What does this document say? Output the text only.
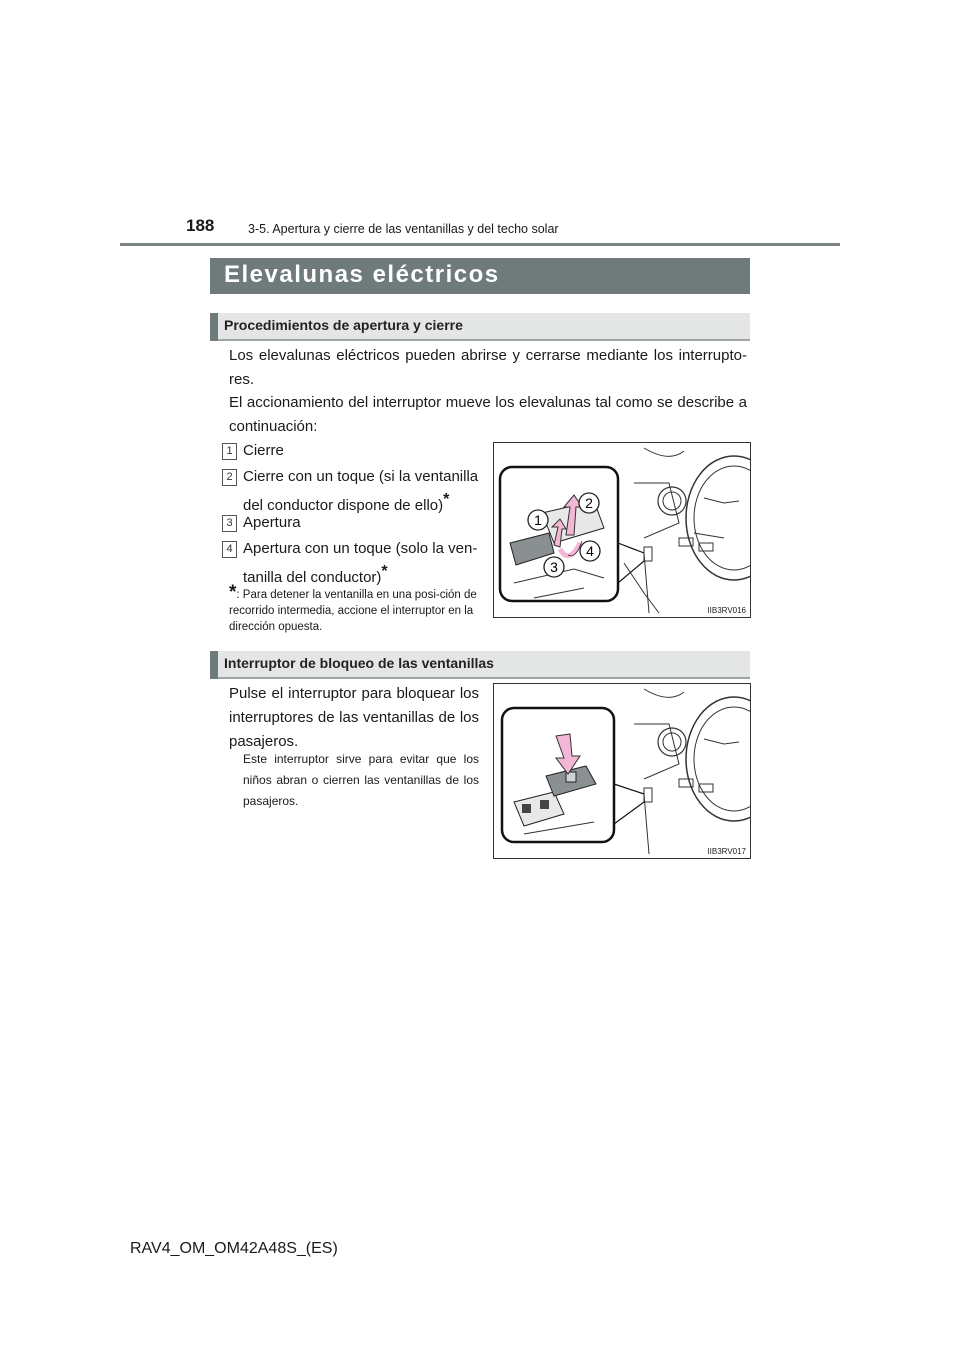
188	3-5. Apertura y cierre de las ventanillas y del techo solar
Elevalunas eléctricos
Procedimientos de apertura y cierre
Los elevalunas eléctricos pueden abrirse y cerrarse mediante los interrupto-res.
El accionamiento del interruptor mueve los elevalunas tal como se describe a continuación:
1 Cierre
2 Cierre con un toque (si la ventanilla del conductor dispone de ello)*
3 Apertura
4 Apertura con un toque (solo la ven-tanilla del conductor)*
*: Para detener la ventanilla en una posi-ción de recorrido intermedia, accione el interruptor en la dirección opuesta.
1
2
3
4
IIB3RV016
Interruptor de bloqueo de las ventanillas
Pulse el interruptor para bloquear los interruptores de las ventanillas de los pasajeros.
Este interruptor sirve para evitar que los niños abran o cierren las ventanillas de los pasajeros.
IIB3RV017
RAV4_OM_OM42A48S_(ES)
